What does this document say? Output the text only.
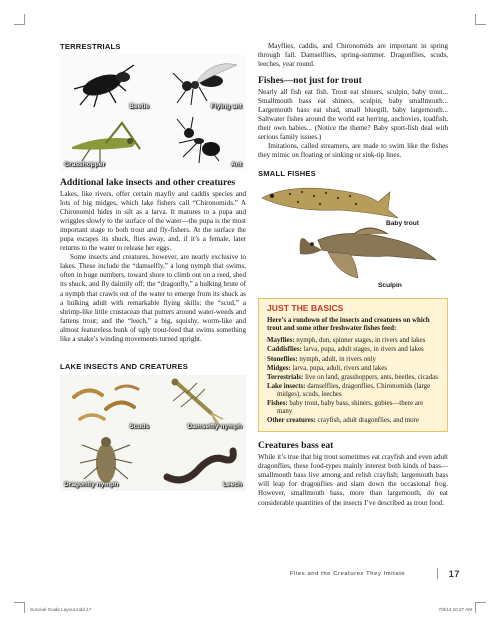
TERRESTRIALS
Beetle	Flying ant
Grasshopper	Ant
Additional lake insects and other creatures

Lakes, like rivers, offer certain mayfly and caddis species and lots of big midges, which lake fishers call “Chironomids.” A Chironomid hides in silt as a larva. It matures to a pupa and wriggles slowly to the surface of the water—the pupa is the most important stage to both trout and fly-fishers. At the surface the pupa escapes its shuck, flies away, and, if it’s a female, later returns to the water to release her eggs.

Some insects and creatures, however, are nearly exclusive to lakes. These include the “damselfly,” a long nymph that swims, often in huge numbers, toward shore to climb out on a reed, shed its shuck, and fly daintily off; the “dragonfly,” a hulking brute of a nymph that crawls out of the water to emerge from its shuck as a hulking adult with remarkable flying skills; the “scud,” a shrimp-like little crustacean that putters around water-weeds and fattens trout; and the “leech,” a big, squishy, worm-like and almost featureless hunk of ugly trout-feed that swims something like a snake’s winding movements turned upright.

LAKE INSECTS AND CREATURES
Scuds	Damselfly nymph
Dragonfly nymph	Leech

Mayflies, caddis, and Chironomids are important in spring through fall. Damselflies, spring-summer. Dragonflies, scuds, leeches, year round.

Fishes—not just for trout

Nearly all fish eat fish. Trout eat shiners, sculpin, baby trout... Smallmouth bass eat shiners, sculpin, baby smallmouth... Largemouth bass eat shad, small bluegill, baby largemouth... Saltwater fishes around the world eat herring, anchovies, toadfish, their own babies... (Notice the theme? Baby sport-fish deal with serious family issues.)

Imitations, called streamers, are made to swim like the fishes they mimic on floating or sinking or sink-tip lines.

SMALL FISHES
Baby trout
Sculpin
JUST THE BASICS
Here’s a rundown of the insects and creatures on which trout and some other freshwater fishes feed:

Mayflies: nymph, dun, spinner stages, in rivers and lakes

Caddisflies: larva, pupa, adult stages, in rivers and lakes

Stoneflies: nymph, adult, in rivers only

Midges: larva, pupa, adult, rivers and lakes

Terrestrials: live on land, grasshoppers, ants, beetles, cicadas

Lake insects: damselflies, dragonflies, Chironomids (large midges), scuds, leeches

Fishes: baby trout, baby bass, shiners, gobies—there are many

Other creatures: crayfish, adult dragonflies, and more

Creatures bass eat

While it’s true that big trout sometimes eat crayfish and even adult dragonflies, these food-types mainly interest both kinds of bass—smallmouth bass live among and relish crayfish; largemouth bass will leap for dragonflies and slam down the occasional frog. However, smallmouth bass, more than largemouth, do eat considerable quantities of the insects I’ve described as trout food.

Flies and the Creatures They Imitate	17
Survival Guide Layout.indd 17	7/8/14 10:37 AM
